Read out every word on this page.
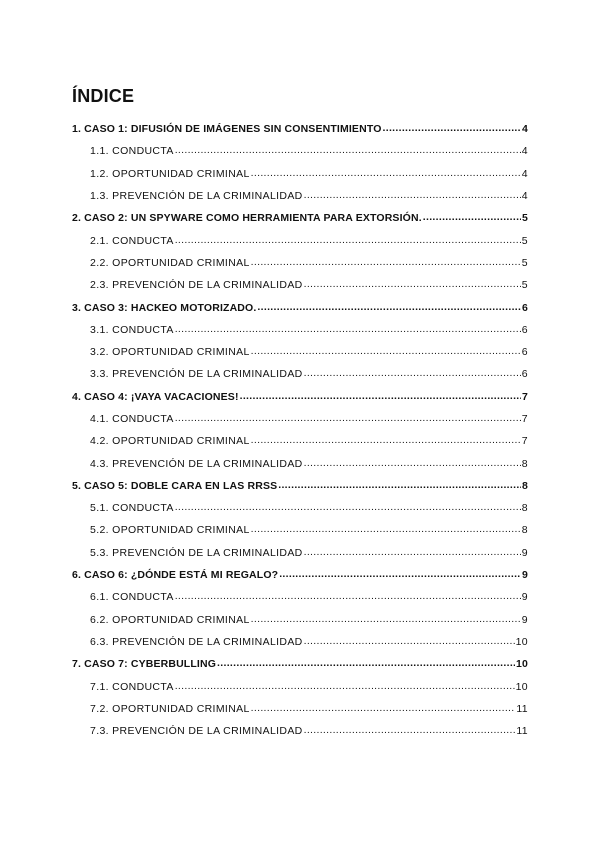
ÍNDICE
1. CASO 1: DIFUSIÓN DE IMÁGENES SIN CONSENTIMIENTO .....	4
1.1. CONDUCTA .....	4
1.2. OPORTUNIDAD CRIMINAL .....	4
1.3. PREVENCIÓN DE LA CRIMINALIDAD .....	4
2. CASO 2: UN SPYWARE COMO HERRAMIENTA PARA EXTORSIÓN. .....	5
2.1. CONDUCTA .....	5
2.2. OPORTUNIDAD CRIMINAL .....	5
2.3. PREVENCIÓN DE LA CRIMINALIDAD .....	5
3. CASO 3: HACKEO MOTORIZADO. .....	6
3.1. CONDUCTA .....	6
3.2. OPORTUNIDAD CRIMINAL .....	6
3.3. PREVENCIÓN DE LA CRIMINALIDAD .....	6
4. CASO 4: ¡VAYA VACACIONES! .....	7
4.1. CONDUCTA .....	7
4.2. OPORTUNIDAD CRIMINAL .....	7
4.3. PREVENCIÓN DE LA CRIMINALIDAD .....	8
5. CASO 5: DOBLE CARA EN LAS RRSS .....	8
5.1. CONDUCTA .....	8
5.2. OPORTUNIDAD CRIMINAL .....	8
5.3. PREVENCIÓN DE LA CRIMINALIDAD .....	9
6. CASO 6: ¿DÓNDE ESTÁ MI REGALO? .....	9
6.1. CONDUCTA .....	9
6.2. OPORTUNIDAD CRIMINAL .....	9
6.3. PREVENCIÓN DE LA CRIMINALIDAD .....	10
7. CASO 7: CYBERBULLING .....	10
7.1. CONDUCTA .....	10
7.2. OPORTUNIDAD CRIMINAL .....	11
7.3. PREVENCIÓN DE LA CRIMINALIDAD .....	11
